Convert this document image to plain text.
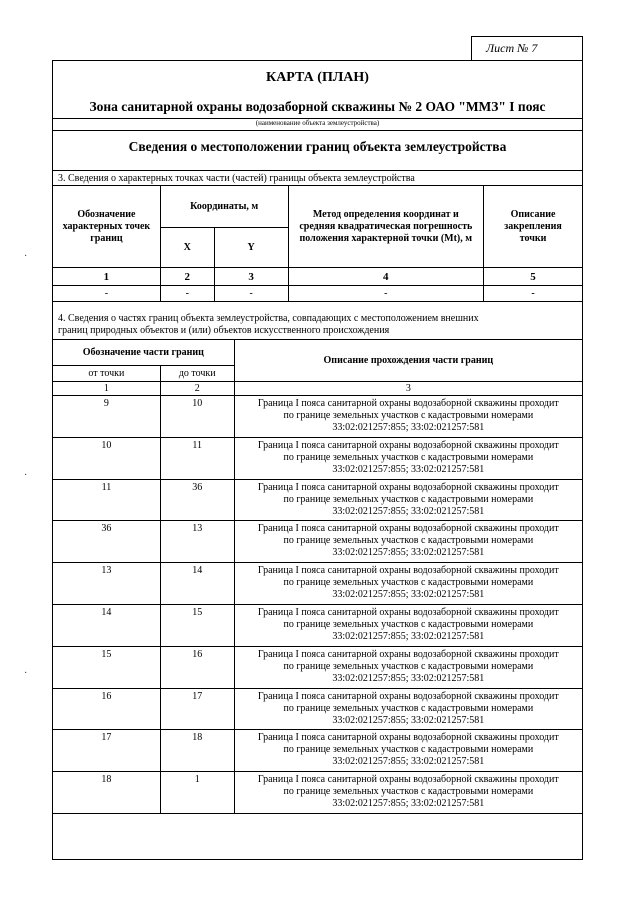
Лист № 7
КАРТА (ПЛАН)
Зона санитарной охраны водозаборной скважины № 2 ОАО "ММЗ" I пояс
(наименование объекта землеустройства)
Сведения о местоположении границ объекта землеустройства
3. Сведения о характерных точках части (частей) границы объекта землеустройства
Обозначение характерных точек границ	Координаты, м		Метод определения координат и средняя квадратическая погрешность положения характерной точки (Mt), м	Описание закрепления точки
	X	Y		
1	2	3	4	5
-	-	-	-	-
4. Сведения о частях границ объекта землеустройства, совпадающих с местоположением внешних
границ природных объектов и (или) объектов искусственного происхождения
Обозначение части границ		Описание прохождения части границ
от точки	до точки	
1	2	3
9	10	Граница I пояса санитарной охраны водозаборной скважины проходит
по границе земельных участков с кадастровыми номерами
33:02:021257:855; 33:02:021257:581

10	11	Граница I пояса санитарной охраны водозаборной скважины проходит
по границе земельных участков с кадастровыми номерами
33:02:021257:855; 33:02:021257:581

11	36	Граница I пояса санитарной охраны водозаборной скважины проходит
по границе земельных участков с кадастровыми номерами
33:02:021257:855; 33:02:021257:581

36	13	Граница I пояса санитарной охраны водозаборной скважины проходит
по границе земельных участков с кадастровыми номерами
33:02:021257:855; 33:02:021257:581

13	14	Граница I пояса санитарной охраны водозаборной скважины проходит
по границе земельных участков с кадастровыми номерами
33:02:021257:855; 33:02:021257:581

14	15	Граница I пояса санитарной охраны водозаборной скважины проходит
по границе земельных участков с кадастровыми номерами
33:02:021257:855; 33:02:021257:581

15	16	Граница I пояса санитарной охраны водозаборной скважины проходит
по границе земельных участков с кадастровыми номерами
33:02:021257:855; 33:02:021257:581

16	17	Граница I пояса санитарной охраны водозаборной скважины проходит
по границе земельных участков с кадастровыми номерами
33:02:021257:855; 33:02:021257:581

17	18	Граница I пояса санитарной охраны водозаборной скважины проходит
по границе земельных участков с кадастровыми номерами
33:02:021257:855; 33:02:021257:581

18	1	Граница I пояса санитарной охраны водозаборной скважины проходит
по границе земельных участков с кадастровыми номерами
33:02:021257:855; 33:02:021257:581
·
·
·
